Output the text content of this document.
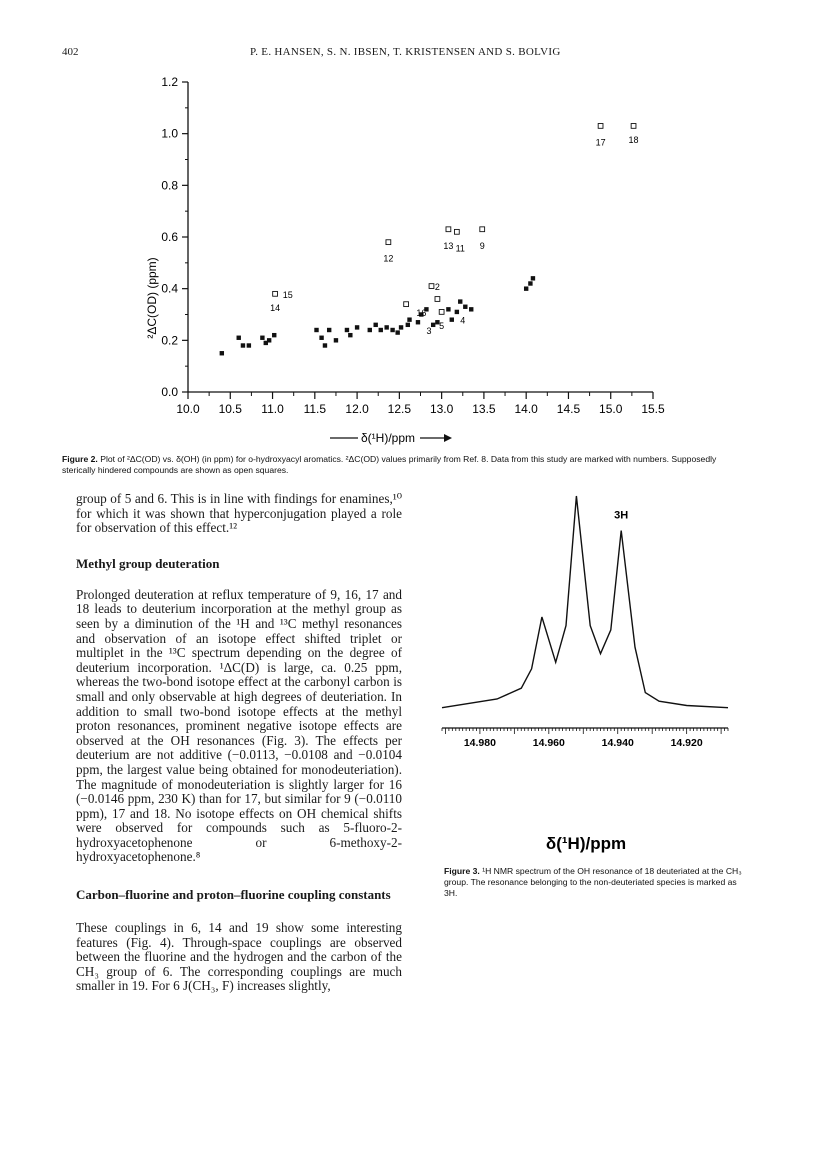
402	P. E. HANSEN, S. N. IBSEN, T. KRISTENSEN AND S. BOLVIG
0.0
0.2
0.4
0.6
0.8
1.0
1.2
10.0 10.5 11.0 11.5 12.0 12.5 13.0 13.5 14.0 14.5 15.0 15.5
17	18
13 11 9
12
15
14
2
16
3
5
4
²ΔC(OD) (ppm)
δ(¹H)/ppm
Figure 2. Plot of ²ΔC(OD) vs. δ(OH) (in ppm) for o-hydroxyacyl aromatics. ²ΔC(OD) values primarily from Ref. 8. Data from this study are marked with numbers. Supposedly sterically hindered compounds are shown as open squares.

group of 5 and 6. This is in line with findings for enamines,¹⁰ for which it was shown that hyperconjugation played a role for observation of this effect.¹²

Methyl group deuteration

Prolonged deuteration at reflux temperature of 9, 16, 17 and 18 leads to deuterium incorporation at the methyl group as seen by a diminution of the ¹H and ¹³C methyl resonances and observation of an isotope effect shifted triplet or multiplet in the ¹³C spectrum depending on the degree of deuterium incorporation. ¹ΔC(D) is large, ca. 0.25 ppm, whereas the two-bond isotope effect at the carbonyl carbon is small and only observable at high degrees of deuteriation. In addition to small two-bond isotope effects at the methyl proton resonances, prominent negative isotope effects are observed at the OH resonances (Fig. 3). The effects per deuterium are not additive (−0.0113, −0.0108 and −0.0104 ppm, the largest value being obtained for monodeuteriation). The magnitude of monodeuteriation is slightly larger for 16 (−0.0146 ppm, 230 K) than for 17, but similar for 9 (−0.0110 ppm), 17 and 18. No isotope effects on OH chemical shifts were observed for compounds such as 5-fluoro-2-hydroxyacetophenone or 6-methoxy-2-hydroxyacetophenone.⁸

Carbon–fluorine and proton–fluorine coupling constants

These couplings in 6, 14 and 19 show some interesting features (Fig. 4). Through-space couplings are observed between the fluorine and the hydrogen and the carbon of the CH₃ group of 6. The corresponding couplings are much smaller in 19. For 6 J(CH₃, F) increases slightly,

14.980	14.960	14.940	14.920
3H
δ(¹H)/ppm
Figure 3. ¹H NMR spectrum of the OH resonance of 18 deuteriated at the CH₃ group. The resonance belonging to the non-deuteriated species is marked as 3H.
